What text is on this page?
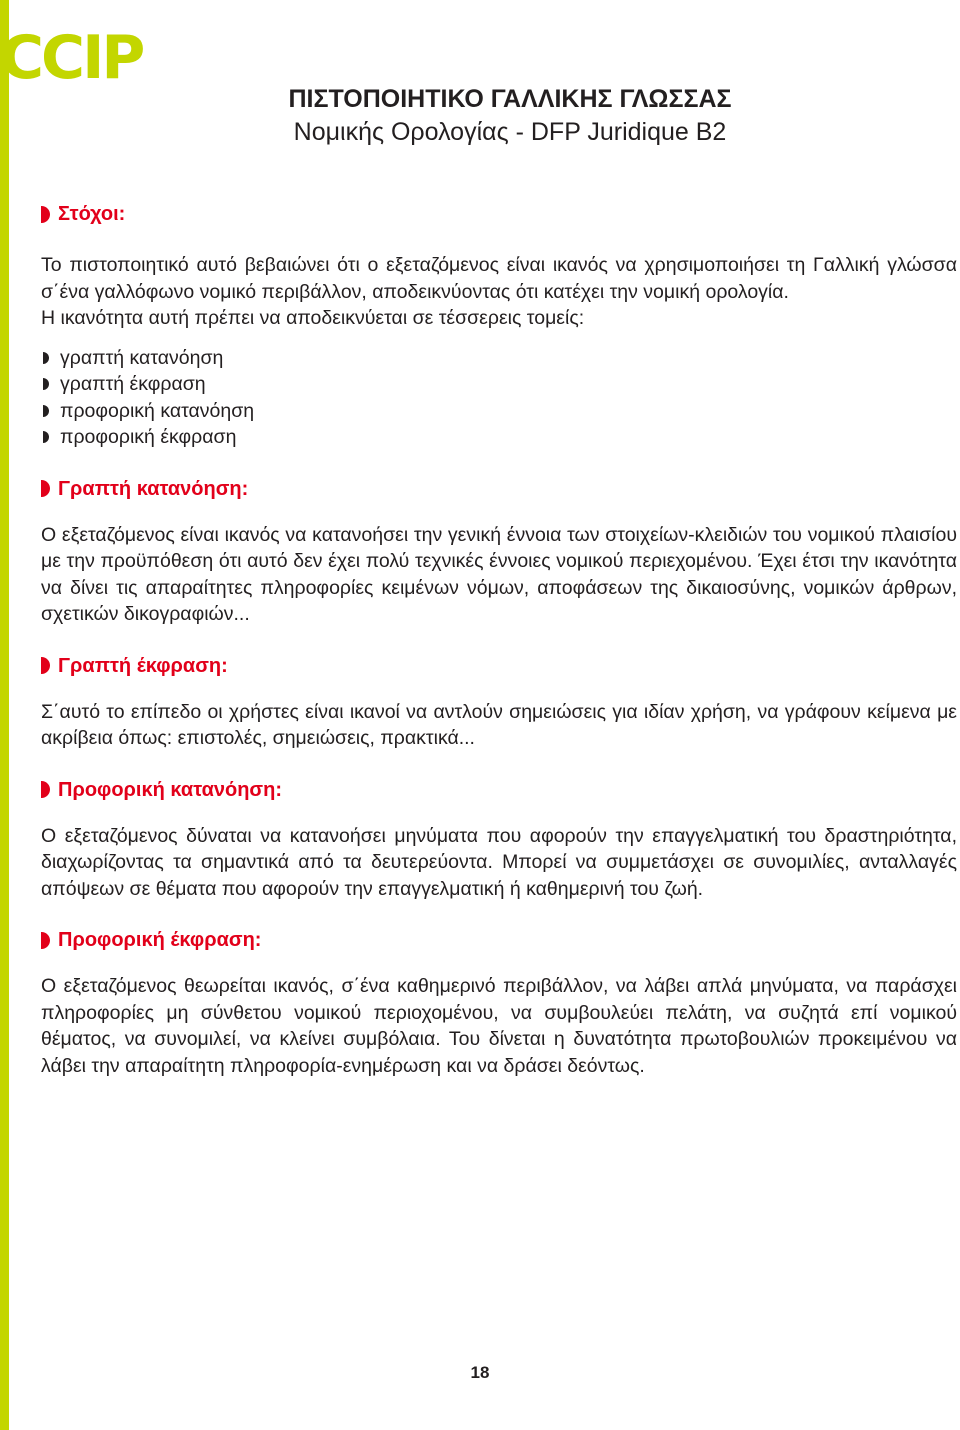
CCIP
ΠΙΣΤΟΠΟΙΗΤΙΚΟ ΓΑΛΛΙΚΗΣ ΓΛΩΣΣΑΣ
Νομικής Ορολογίας - DFP Juridique B2
Στόχοι:

Το πιστοποιητικό αυτό βεβαιώνει ότι ο εξεταζόμενος είναι ικανός να χρησιμοποιήσει τη Γαλλική γλώσσα σ΄ένα γαλλόφωνο νομικό περιβάλλον, αποδεικνύοντας ότι κατέχει την νομική ορολογία.

Η ικανότητα αυτή πρέπει να αποδεικνύεται σε τέσσερεις τομείς:

γραπτή κατανόηση
γραπτή έκφραση
προφορική κατανόηση
προφορική έκφραση
Γραπτή κατανόηση:

Ο εξεταζόμενος είναι ικανός να κατανοήσει την γενική έννοια των στοιχείων-κλειδιών του νομικού πλαισίου με την προϋπόθεση ότι αυτό δεν έχει πολύ τεχνικές έννοιες νομικού περιεχομένου. Έχει έτσι την ικανότητα να δίνει τις απαραίτητες πληροφορίες κειμένων νόμων, αποφάσεων της δικαιοσύνης, νομικών άρθρων, σχετικών δικογραφιών...

Γραπτή έκφραση:

Σ΄αυτό το επίπεδο οι χρήστες είναι ικανοί να αντλούν σημειώσεις για ιδίαν χρήση, να γράφουν κείμενα με ακρίβεια όπως: επιστολές, σημειώσεις, πρακτικά...

Προφορική κατανόηση:

Ο εξεταζόμενος δύναται να κατανοήσει μηνύματα που αφορούν την επαγγελματική του δραστηριότητα, διαχωρίζοντας τα σημαντικά από τα δευτερεύοντα. Μπορεί να συμμετάσχει σε συνομιλίες, ανταλλαγές απόψεων σε θέματα που αφορούν την επαγγελματική ή καθημερινή του ζωή.

Προφορική έκφραση:

Ο εξεταζόμενος θεωρείται ικανός, σ΄ένα καθημερινό περιβάλλον, να λάβει απλά μηνύματα, να παράσχει πληροφορίες μη σύνθετου νομικού περιοχομένου, να συμβουλεύει πελάτη, να συζητά επί νομικού θέματος, να συνομιλεί, να κλείνει συμβόλαια. Του δίνεται η δυνατότητα πρωτοβουλιών προκειμένου να λάβει την απαραίτητη πληροφορία-ενημέρωση και να δράσει δεόντως.

18
